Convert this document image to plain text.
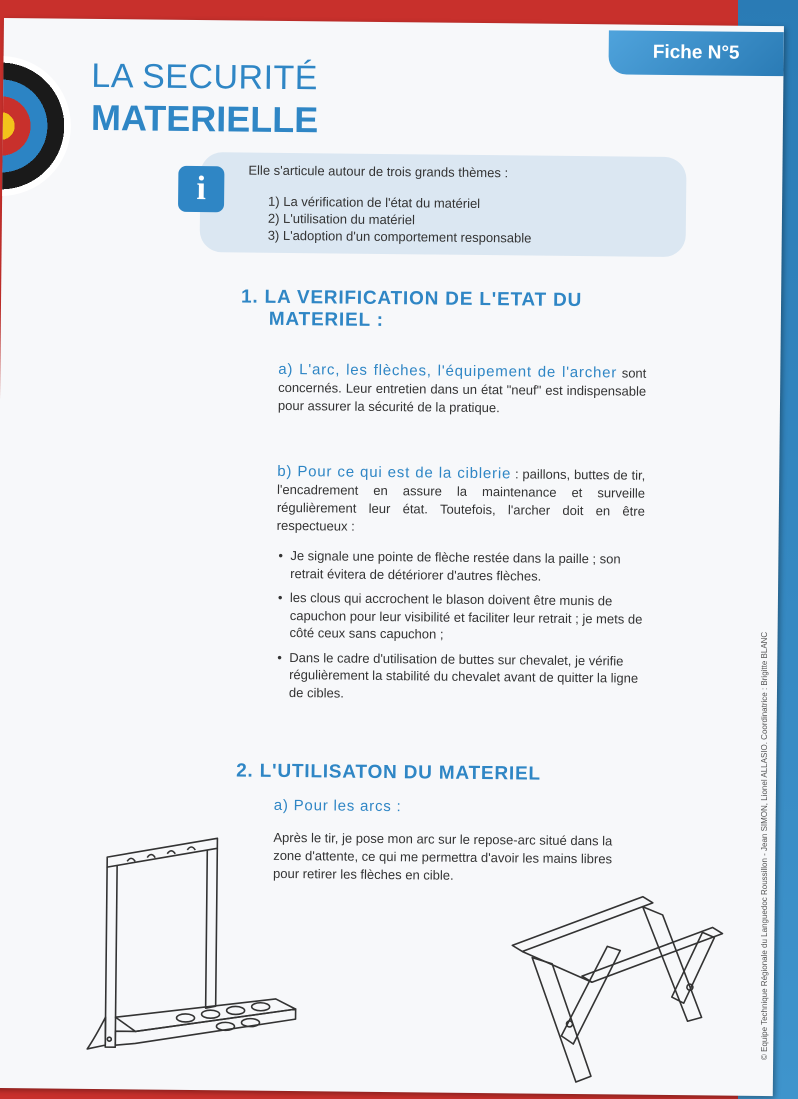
Fiche N°5
LA SECURITÉ
MATERIELLE
i	Elle s'articule autour de trois grands thèmes :
1) La vérification de l'état du matériel
2) L'utilisation du matériel
3) L'adoption d'un comportement responsable
1. LA VERIFICATION DE L'ETAT DU
MATERIEL :
a) L'arc, les flèches, l'équipement de l'archer sont concernés. Leur entretien dans un état "neuf" est indispensable pour assurer la sécurité de la pratique.
b) Pour ce qui est de la ciblerie : paillons, buttes de tir, l'encadrement en assure la maintenance et surveille régulièrement leur état. Toutefois, l'archer doit en être respectueux :
• Je signale une pointe de flèche restée dans la paille ; son retrait évitera de détériorer d'autres flèches.
• les clous qui accrochent le blason doivent être munis de capuchon pour leur visibilité et faciliter leur retrait ; je mets de côté ceux sans capuchon ;
• Dans le cadre d'utilisation de buttes sur chevalet, je vérifie régulièrement la stabilité du chevalet avant de quitter la ligne de cibles.
2. L'UTILISATON DU MATERIEL
a) Pour les arcs :
Après le tir, je pose mon arc sur le repose-arc situé dans la zone d'attente, ce qui me permettra d'avoir les mains libres pour retirer les flèches en cible.	© Equipe Technique Régionale du Languedoc Roussillon - Jean SIMON, Lionel ALLASIO. Coordinatrice : Brigitte BLANC
